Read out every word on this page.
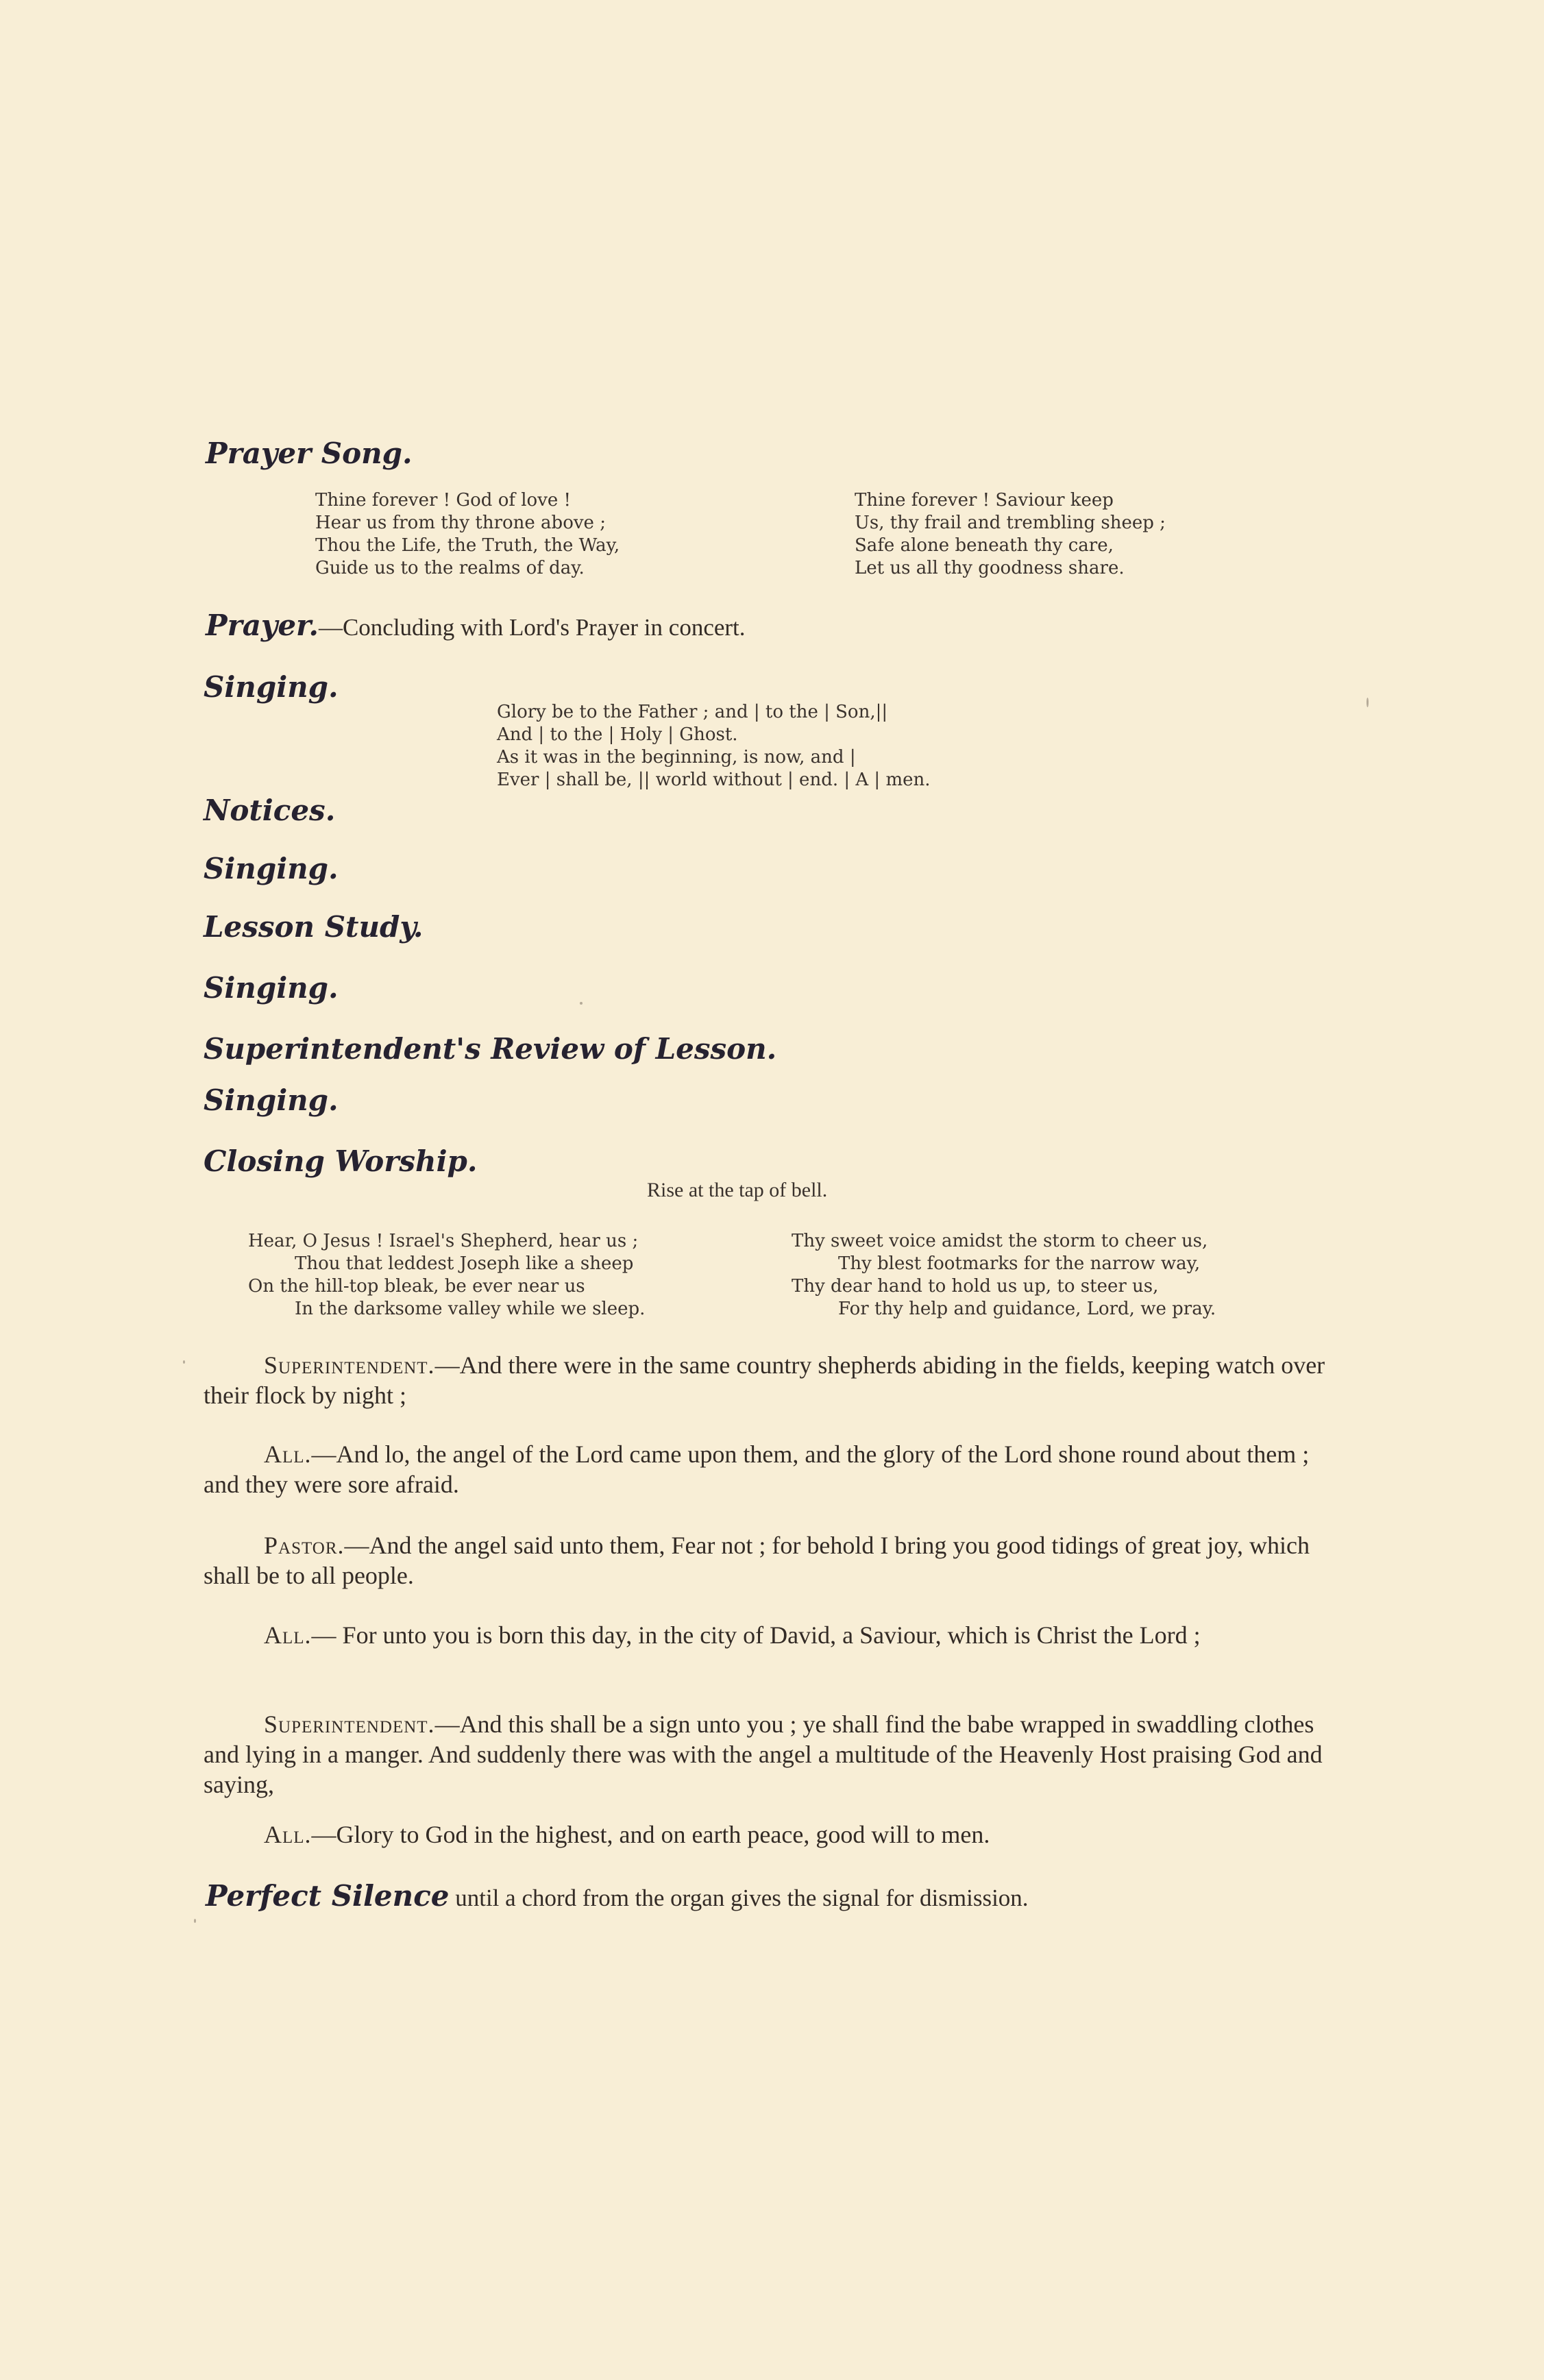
Prayer Song.
Thine forever ! God of love !
Hear us from thy throne above ;
Thou the Life, the Truth, the Way,
Guide us to the realms of day.
Thine forever ! Saviour keep
Us, thy frail and trembling sheep ;
Safe alone beneath thy care,
Let us all thy goodness share.
Prayer.—Concluding with Lord's Prayer in concert.
Singing.
Glory be to the Father ; and | to the | Son,||
And | to the | Holy | Ghost.
As it was in the beginning, is now, and |
Ever | shall be, || world without | end. | A | men.
Notices.
Singing.
Lesson Study.
Singing.
Superintendent's Review of Lesson.
Singing.
Closing Worship.
Rise at the tap of bell.
Hear, O Jesus ! Israel's Shepherd, hear us ;
Thou that leddest Joseph like a sheep
On the hill-top bleak, be ever near us
In the darksome valley while we sleep.
Thy sweet voice amidst the storm to cheer us,
Thy blest footmarks for the narrow way,
Thy dear hand to hold us up, to steer us,
For thy help and guidance, Lord, we pray.
Superintendent.—And there were in the same country shepherds abiding in the fields, keeping watch over their flock by night ;
All.—And lo, the angel of the Lord came upon them, and the glory of the Lord shone round about them ; and they were sore afraid.
Pastor.—And the angel said unto them, Fear not ; for behold I bring you good tidings of great joy, which shall be to all people.
All.— For unto you is born this day, in the city of David, a Saviour, which is Christ the Lord ;
Superintendent.—And this shall be a sign unto you ; ye shall find the babe wrapped in swaddling clothes and lying in a manger. And suddenly there was with the angel a multitude of the Heavenly Host praising God and saying,
All.—Glory to God in the highest, and on earth peace, good will to men.
Perfect Silence until a chord from the organ gives the signal for dismission.
